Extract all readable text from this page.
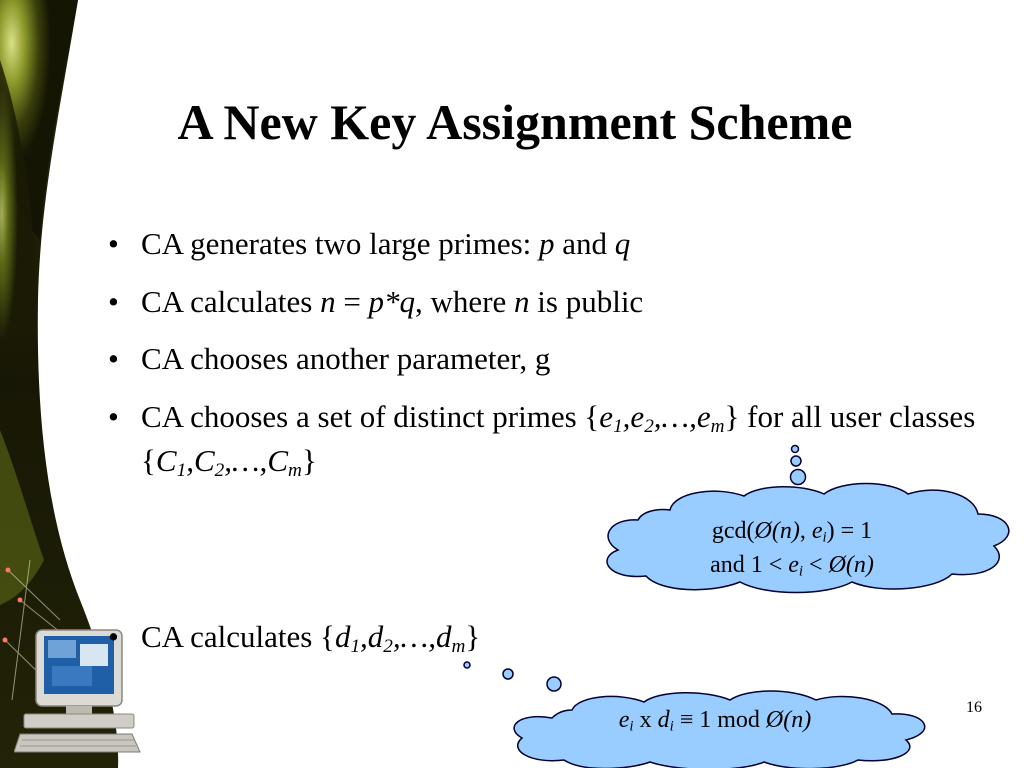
A New Key Assignment Scheme
• CA generates two large primes: p and q
• CA calculates n = p*q, where n is public
• CA chooses another parameter, g
• CA chooses a set of distinct primes $\{e_1,e_2,\dots,e_m\}$ for all user classes $\{C_1,C_2,\dots,C_m\}$
• CA calculates $\{d_1,d_2,\dots,d_m\}$
gcd(Ø(n), $e_i) = 1$
and $1 < e_i$ < Ø(n)
$e_i$ x $d_i \equiv 1$ mod Ø(n)	16
